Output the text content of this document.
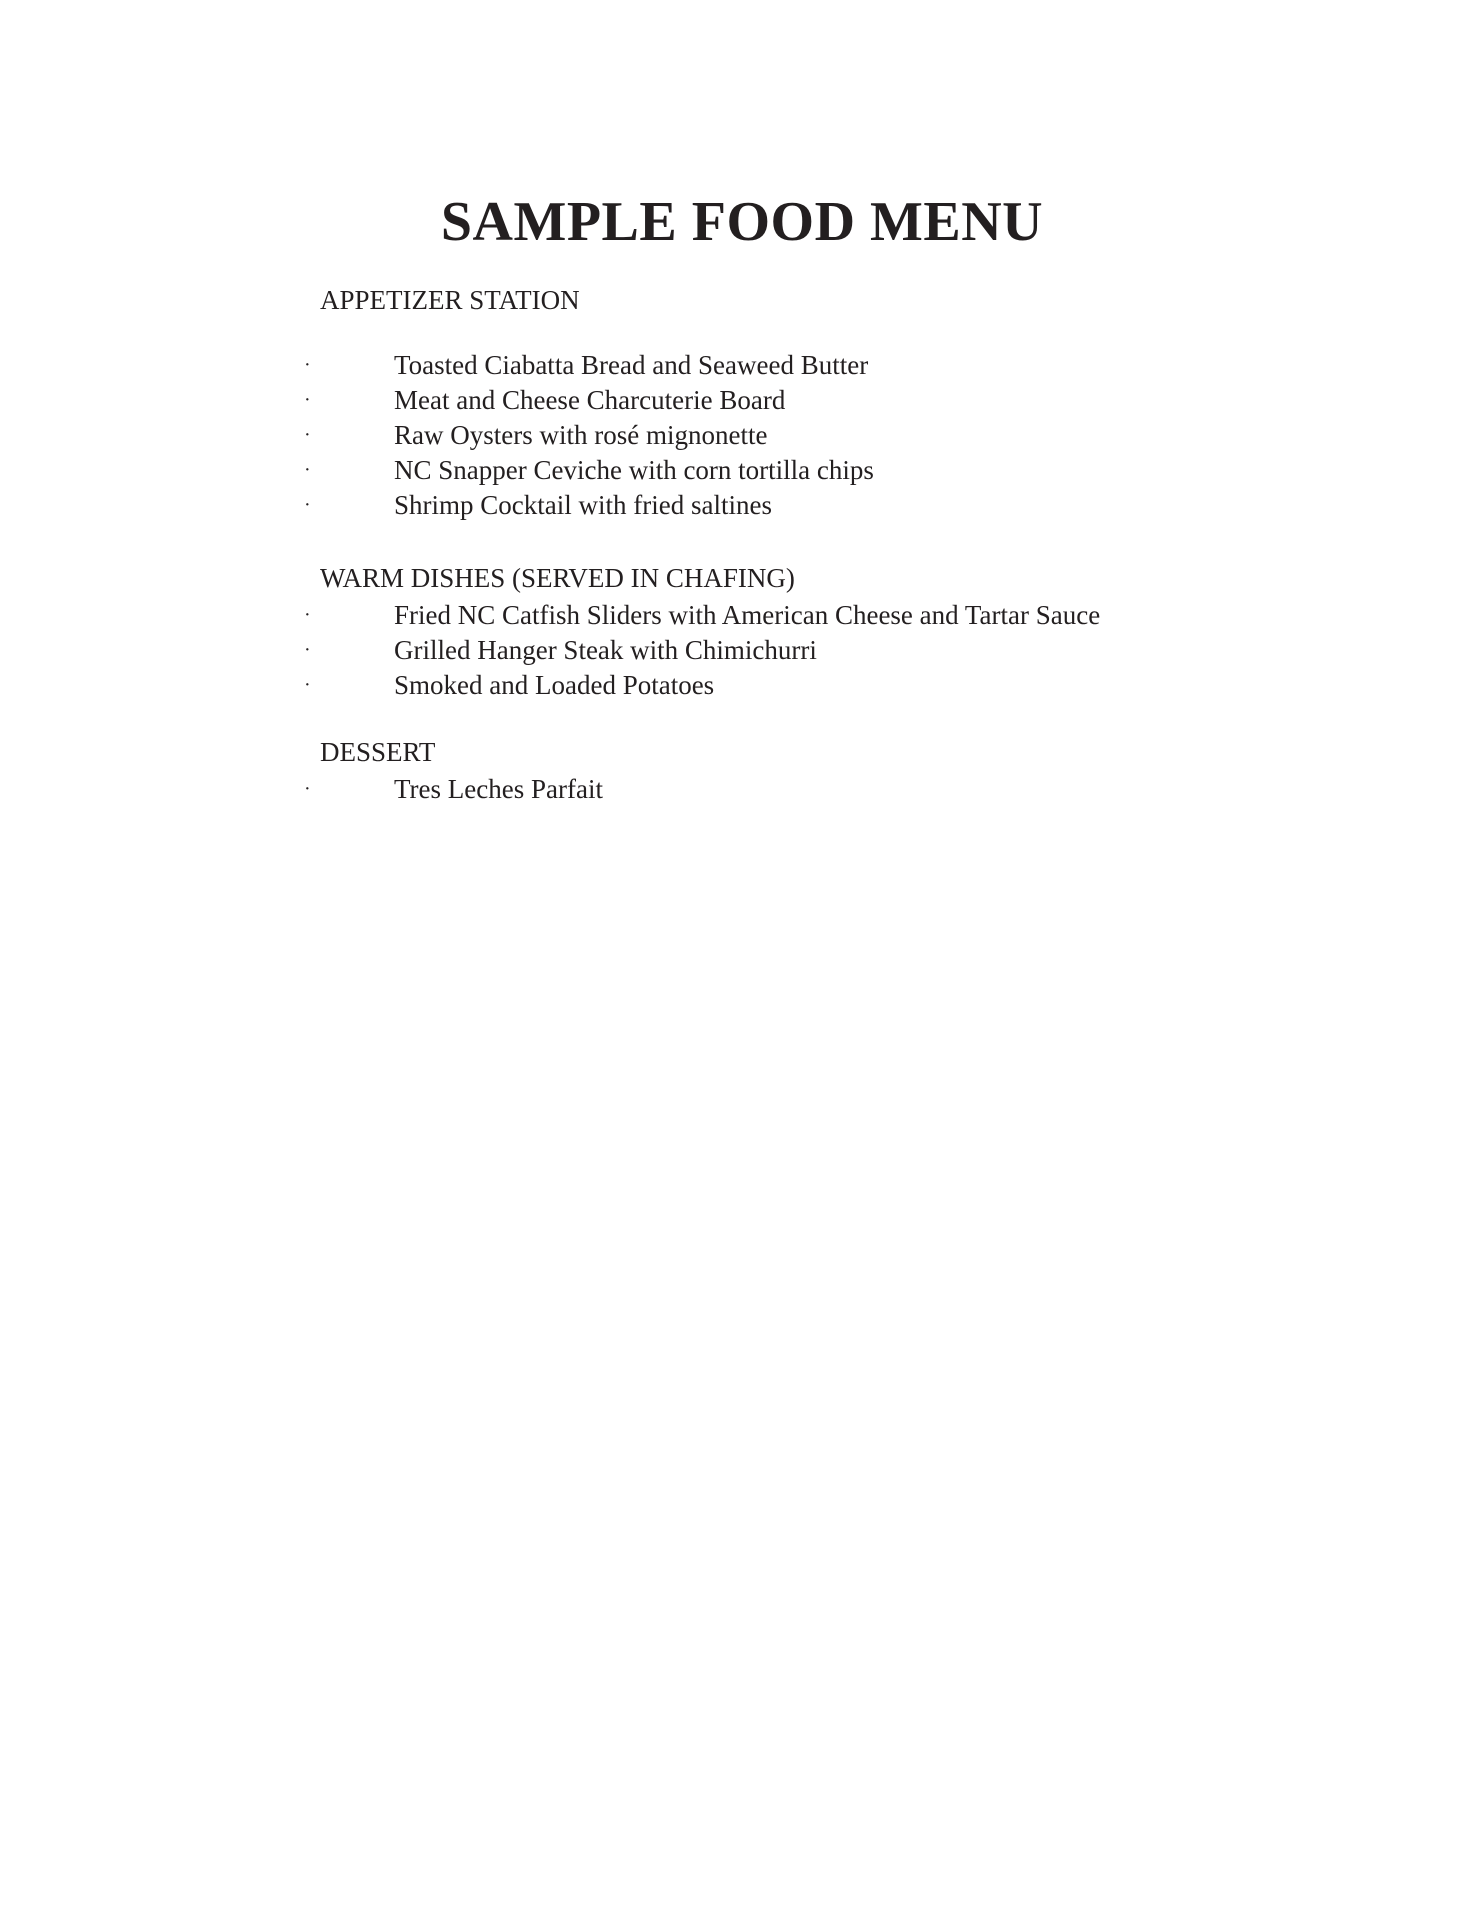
SAMPLE FOOD MENU
APPETIZER STATION
·	Toasted Ciabatta Bread and Seaweed Butter
·	Meat and Cheese Charcuterie Board
·	Raw Oysters with rosé mignonette
·	NC Snapper Ceviche with corn tortilla chips
·	Shrimp Cocktail with fried saltines
WARM DISHES (SERVED IN CHAFING)
·	Fried NC Catfish Sliders with American Cheese and Tartar Sauce
·	Grilled Hanger Steak with Chimichurri
·	Smoked and Loaded Potatoes
DESSERT
·	Tres Leches Parfait
